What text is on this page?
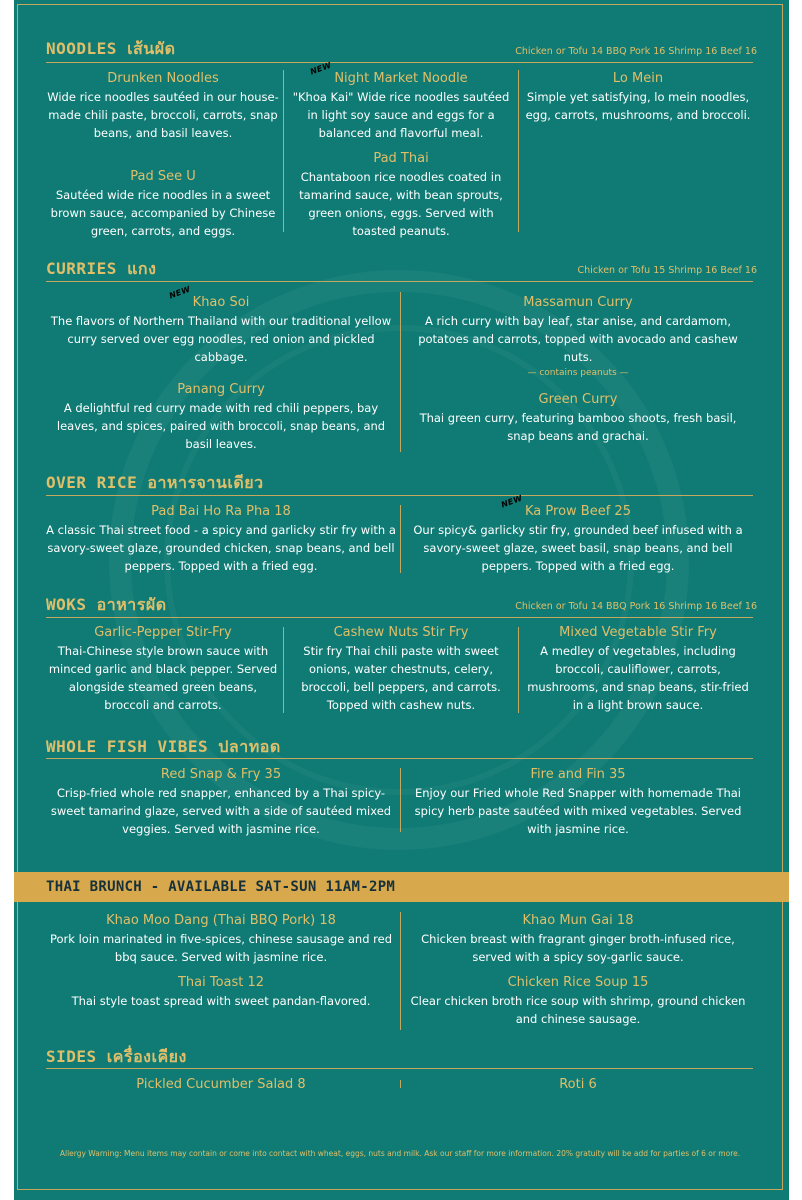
NOODLES เส้นผัด	Chicken or Tofu 14 BBQ Pork 16 Shrimp 16 Beef 16
Drunken Noodles
Wide rice noodles sautéed in our house-made chili paste, broccoli, carrots, snap beans, and basil leaves.
Pad See U
Sautéed wide rice noodles in a sweet brown sauce, accompanied by Chinese green, carrots, and eggs.
NEW
Night Market Noodle
"Khoa Kai" Wide rice noodles sautéed in light soy sauce and eggs for a balanced and flavorful meal.
Pad Thai
Chantaboon rice noodles coated in tamarind sauce, with bean sprouts, green onions, eggs. Served with toasted peanuts.
Lo Mein
Simple yet satisfying, lo mein noodles, egg, carrots, mushrooms, and broccoli.
CURRIES แกง	Chicken or Tofu 15 Shrimp 16 Beef 16
NEW
Khao Soi
The flavors of Northern Thailand with our traditional yellow curry served over egg noodles, red onion and pickled cabbage.
Panang Curry
A delightful red curry made with red chili peppers, bay leaves, and spices, paired with broccoli, snap beans, and basil leaves.
Massamun Curry
A rich curry with bay leaf, star anise, and cardamom, potatoes and carrots, topped with avocado and cashew nuts.
— contains peanuts —
Green Curry
Thai green curry, featuring bamboo shoots, fresh basil, snap beans and grachai.
OVER RICE อาหารจานเดียว
Pad Bai Ho Ra Pha 18
A classic Thai street food - a spicy and garlicky stir fry with a savory-sweet glaze, grounded chicken, snap beans, and bell peppers. Topped with a fried egg.
NEW
Ka Prow Beef 25
Our spicy& garlicky stir fry, grounded beef infused with a savory-sweet glaze, sweet basil, snap beans, and bell peppers. Topped with a fried egg.
WOKS อาหารผัด	Chicken or Tofu 14 BBQ Pork 16 Shrimp 16 Beef 16
Garlic-Pepper Stir-Fry
Thai-Chinese style brown sauce with minced garlic and black pepper. Served alongside steamed green beans, broccoli and carrots.
Cashew Nuts Stir Fry
Stir fry Thai chili paste with sweet onions, water chestnuts, celery, broccoli, bell peppers, and carrots. Topped with cashew nuts.
Mixed Vegetable Stir Fry
A medley of vegetables, including broccoli, cauliflower, carrots, mushrooms, and snap beans, stir-fried in a light brown sauce.
WHOLE FISH VIBES ปลาทอด
Red Snap & Fry 35
Crisp-fried whole red snapper, enhanced by a Thai spicy-sweet tamarind glaze, served with a side of sautéed mixed veggies. Served with jasmine rice.
Fire and Fin 35
Enjoy our Fried whole Red Snapper with homemade Thai spicy herb paste sautéed with mixed vegetables. Served with jasmine rice.
THAI BRUNCH - AVAILABLE SAT-SUN 11AM-2PM
Khao Moo Dang (Thai BBQ Pork) 18
Pork loin marinated in five-spices, chinese sausage and red bbq sauce. Served with jasmine rice.
Thai Toast 12
Thai style toast spread with sweet pandan-flavored.
Khao Mun Gai 18
Chicken breast with fragrant ginger broth-infused rice, served with a spicy soy-garlic sauce.
Chicken Rice Soup 15
Clear chicken broth rice soup with shrimp, ground chicken and chinese sausage.
SIDES เครื่องเคียง
Pickled Cucumber Salad 8	Roti 6
Allergy Warning: Menu items may contain or come into contact with wheat, eggs, nuts and milk. Ask our staff for more information. 20% gratuity will be add for parties of 6 or more.
